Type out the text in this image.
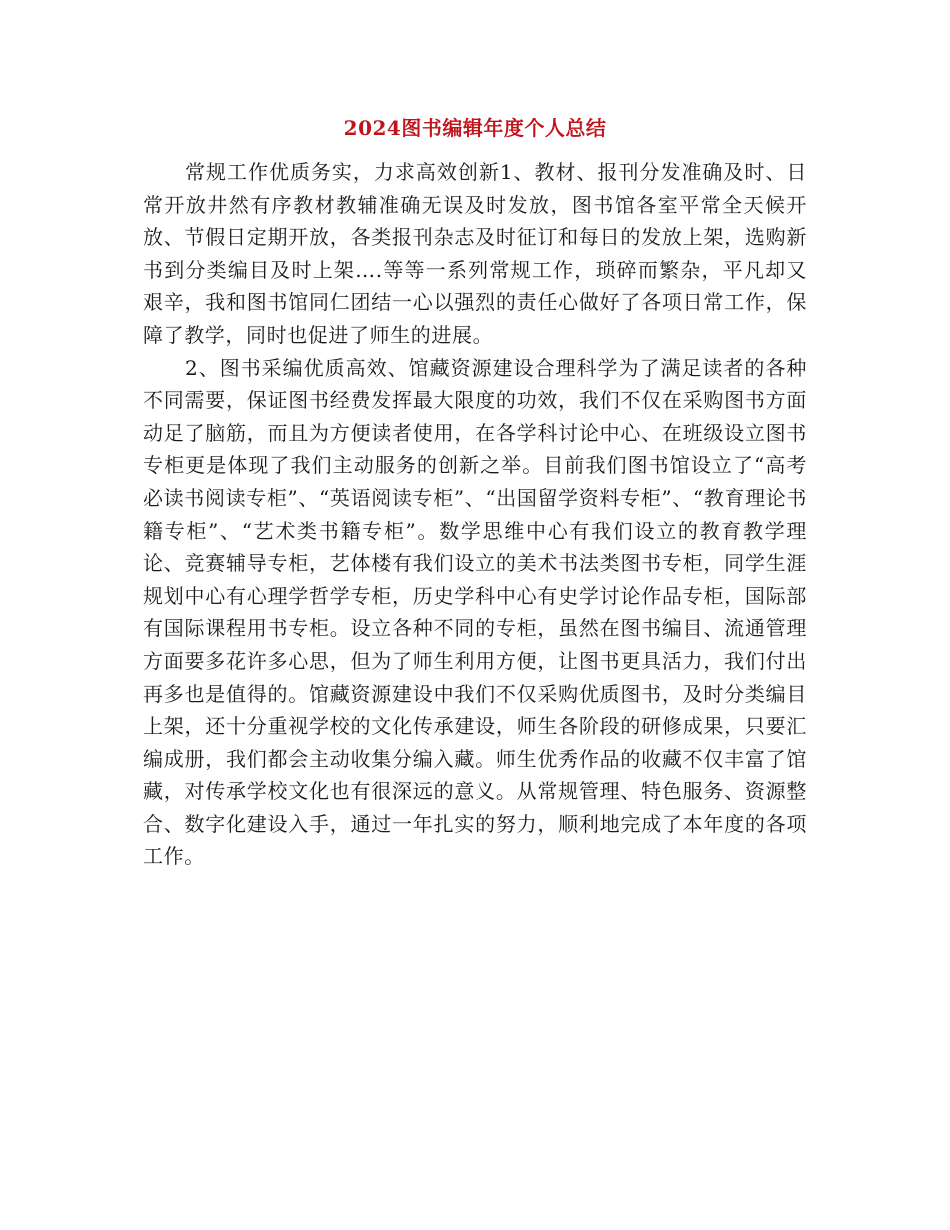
2024图书编辑年度个人总结

常规工作优质务实，力求高效创新1、教材、报刊分发准确及时、日常开放井然有序教材教辅准确无误及时发放，图书馆各室平常全天候开放、节假日定期开放，各类报刊杂志及时征订和每日的发放上架，选购新书到分类编目及时上架….等等一系列常规工作，琐碎而繁杂，平凡却又艰辛，我和图书馆同仁团结一心以强烈的责任心做好了各项日常工作，保障了教学，同时也促进了师生的进展。

2、图书采编优质高效、馆藏资源建设合理科学为了满足读者的各种不同需要，保证图书经费发挥最大限度的功效，我们不仅在采购图书方面动足了脑筋，而且为方便读者使用，在各学科讨论中心、在班级设立图书专柜更是体现了我们主动服务的创新之举。目前我们图书馆设立了“高考必读书阅读专柜”、“英语阅读专柜”、“出国留学资料专柜”、“教育理论书籍专柜”、“艺术类书籍专柜”。数学思维中心有我们设立的教育教学理论、竞赛辅导专柜，艺体楼有我们设立的美术书法类图书专柜，同学生涯规划中心有心理学哲学专柜，历史学科中心有史学讨论作品专柜，国际部有国际课程用书专柜。设立各种不同的专柜，虽然在图书编目、流通管理方面要多花许多心思，但为了师生利用方便，让图书更具活力，我们付出再多也是值得的。馆藏资源建设中我们不仅采购优质图书，及时分类编目上架，还十分重视学校的文化传承建设，师生各阶段的研修成果，只要汇编成册，我们都会主动收集分编入藏。师生优秀作品的收藏不仅丰富了馆藏，对传承学校文化也有很深远的意义。从常规管理、特色服务、资源整合、数字化建设入手，通过一年扎实的努力，顺利地完成了本年度的各项工作。
